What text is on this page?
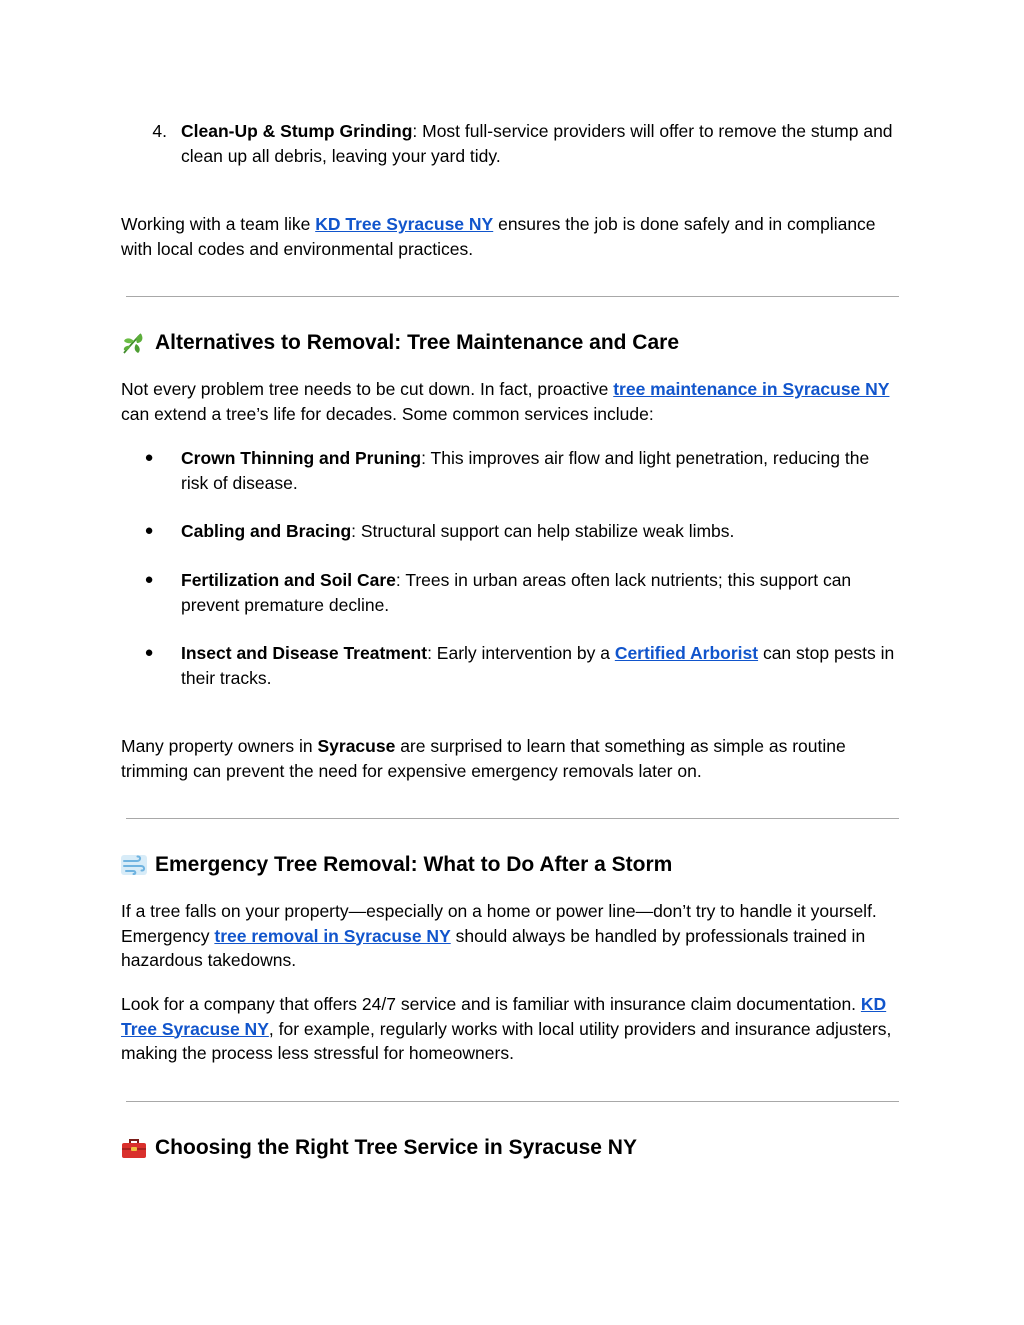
4. Clean-Up & Stump Grinding: Most full-service providers will offer to remove the stump and clean up all debris, leaving your yard tidy.

Working with a team like KD Tree Syracuse NY ensures the job is done safely and in compliance with local codes and environmental practices.

Alternatives to Removal: Tree Maintenance and Care

Not every problem tree needs to be cut down. In fact, proactive tree maintenance in Syracuse NY can extend a tree’s life for decades. Some common services include:

●	Crown Thinning and Pruning: This improves air flow and light penetration, reducing the risk of disease.

●	Cabling and Bracing: Structural support can help stabilize weak limbs.

●	Fertilization and Soil Care: Trees in urban areas often lack nutrients; this support can prevent premature decline.

●	Insect and Disease Treatment: Early intervention by a Certified Arborist can stop pests in their tracks.

Many property owners in Syracuse are surprised to learn that something as simple as routine trimming can prevent the need for expensive emergency removals later on.

Emergency Tree Removal: What to Do After a Storm

If a tree falls on your property—especially on a home or power line—don’t try to handle it yourself. Emergency tree removal in Syracuse NY should always be handled by professionals trained in hazardous takedowns.

Look for a company that offers 24/7 service and is familiar with insurance claim documentation. KD Tree Syracuse NY, for example, regularly works with local utility providers and insurance adjusters, making the process less stressful for homeowners.

Choosing the Right Tree Service in Syracuse NY
